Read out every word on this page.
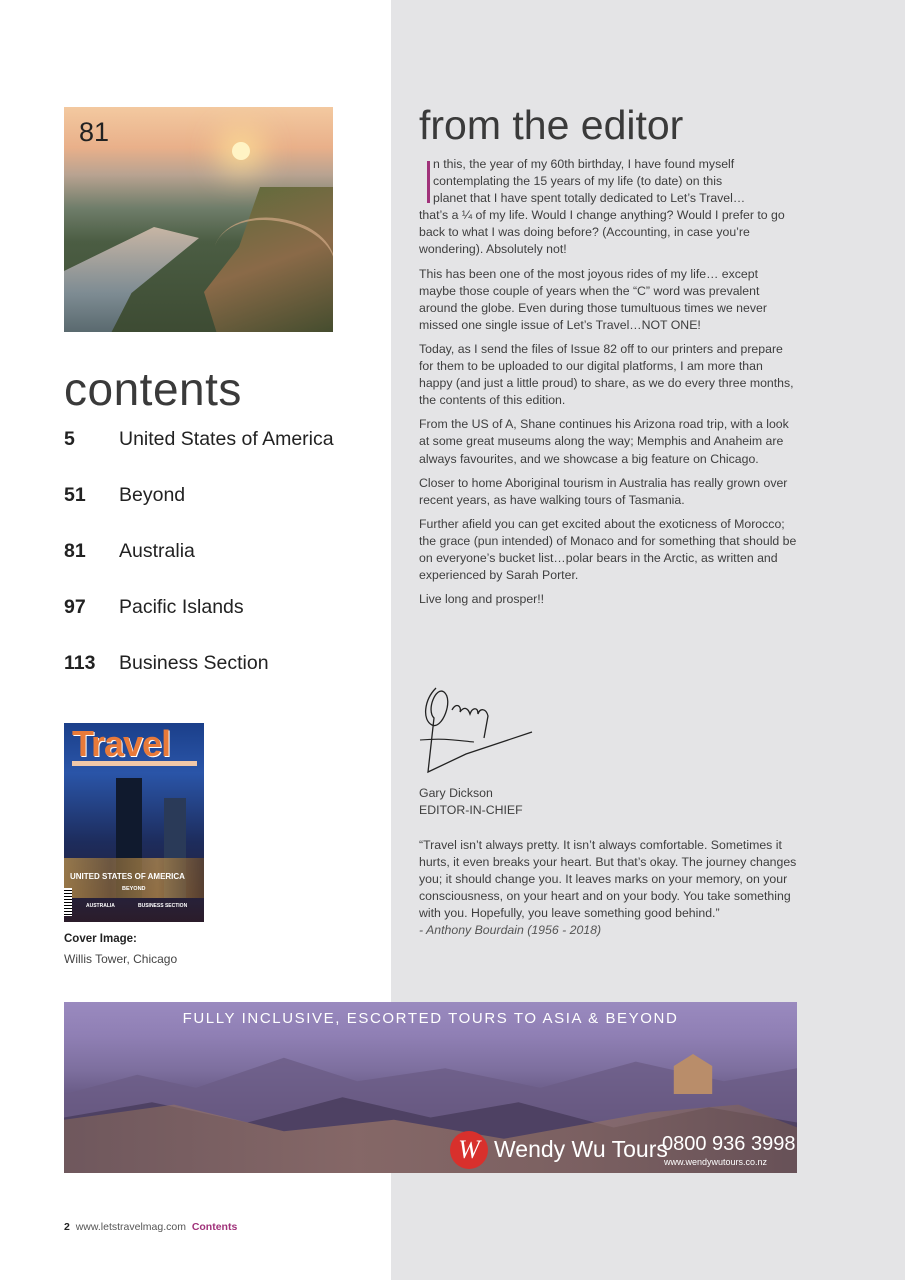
81
contents
5 United States of America
51 Beyond
81 Australia
97 Pacific Islands
113 Business Section
Travel
UNITED STATES OF AMERICA
BEYOND
AUSTRALIA	BUSINESS SECTION
Cover Image:
Willis Tower, Chicago
from the editor

n this, the year of my 60th birthday, I have found myself
contemplating the 15 years of my life (to date) on this
planet that I have spent totally dedicated to Let’s Travel…
that’s a ¼ of my life. Would I change anything? Would I prefer to go back to what I was doing before? (Accounting, in case you’re wondering). Absolutely not!

This has been one of the most joyous rides of my life… except maybe those couple of years when the “C” word was prevalent around the globe. Even during those tumultuous times we never missed one single issue of Let’s Travel…NOT ONE!

Today, as I send the files of Issue 82 off to our printers and prepare for them to be uploaded to our digital platforms, I am more than happy (and just a little proud) to share, as we do every three months, the contents of this edition.

From the US of A, Shane continues his Arizona road trip, with a look at some great museums along the way; Memphis and Anaheim are always favourites, and we showcase a big feature on Chicago.

Closer to home Aboriginal tourism in Australia has really grown over recent years, as have walking tours of Tasmania.

Further afield you can get excited about the exoticness of Morocco; the grace (pun intended) of Monaco and for something that should be on everyone’s bucket list…polar bears in the Arctic, as written and experienced by Sarah Porter.

Live long and prosper!!

Gary Dickson
EDITOR-IN-CHIEF
“Travel isn’t always pretty. It isn’t always comfortable. Sometimes it hurts, it even breaks your heart. But that’s okay. The journey changes you; it should change you. It leaves marks on your memory, on your consciousness, on your heart and on your body. You take something with you. Hopefully, you leave something good behind.”
- Anthony Bourdain (1956 - 2018)
FULLY INCLUSIVE, ESCORTED TOURS TO ASIA & BEYOND
W Wendy Wu Tours
0800 936 3998
www.wendywutours.co.nz
2 www.letstravelmag.com Contents
